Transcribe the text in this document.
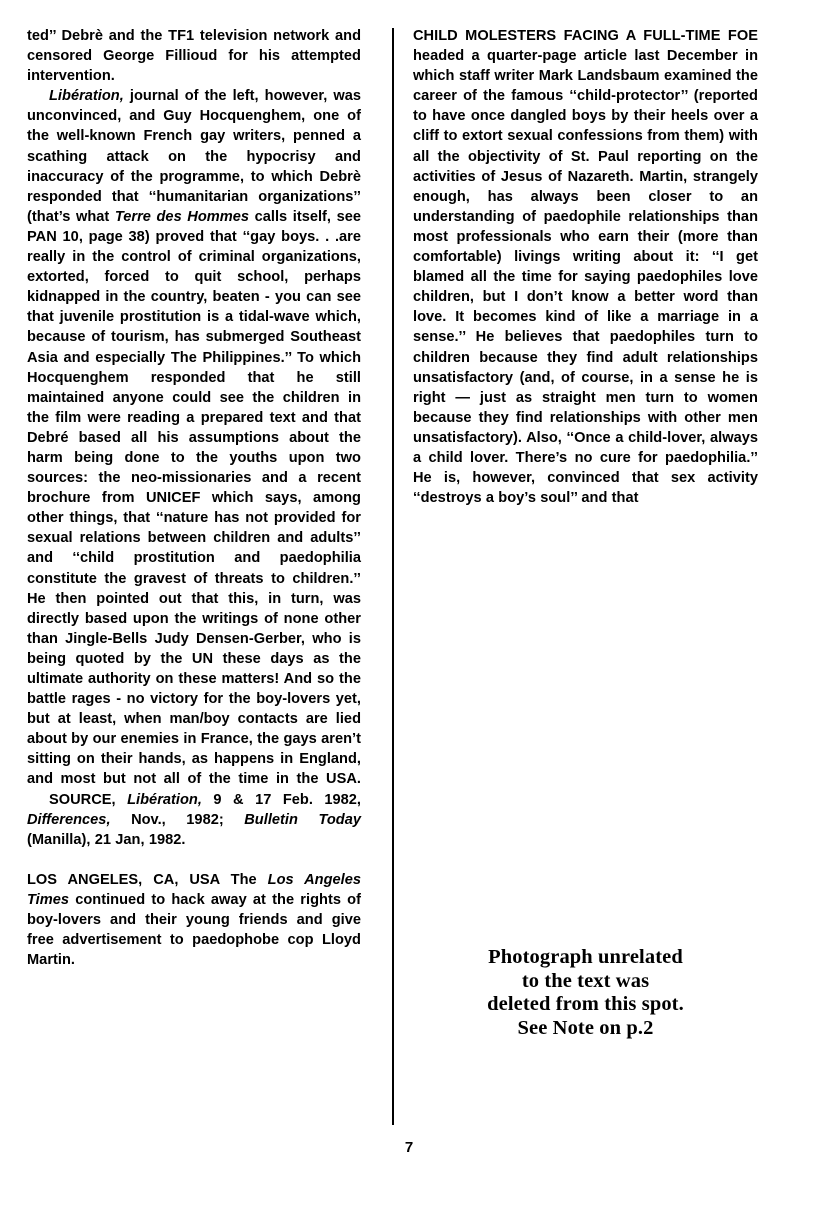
ted’’ Debrè and the TF1 television network and censored George Fillioud for his attempted intervention.

Libération, journal of the left, however, was unconvinced, and Guy Hocquenghem, one of the well-known French gay writers, penned a scathing attack on the hypocrisy and inaccuracy of the programme, to which Debrè responded that ‘‘humanitarian organizations’’ (that’s what Terre des Hommes calls itself, see PAN 10, page 38) proved that ‘‘gay boys. . .are really in the control of criminal organizations, extorted, forced to quit school, perhaps kidnapped in the country, beaten - you can see that juvenile prostitution is a tidal-wave which, because of tourism, has submerged Southeast Asia and especially The Philippines.’’ To which Hocquenghem responded that he still maintained anyone could see the children in the film were reading a prepared text and that Debré based all his assumptions about the harm being done to the youths upon two sources: the neo-missionaries and a recent brochure from UNICEF which says, among other things, that ‘‘nature has not provided for sexual relations between children and adults’’ and ‘‘child prostitution and paedophilia constitute the gravest of threats to children.’’ He then pointed out that this, in turn, was directly based upon the writings of none other than Jingle-Bells Judy Densen-Gerber, who is being quoted by the UN these days as the ultimate authority on these matters! And so the battle rages - no victory for the boy-lovers yet, but at least, when man/boy contacts are lied about by our enemies in France, the gays aren’t sitting on their hands, as happens in England, and most but not all of the time in the USA.

SOURCE, Libération, 9 & 17 Feb. 1982, Differences, Nov., 1982; Bulletin Today (Manilla), 21 Jan, 1982.

LOS ANGELES, CA, USA The Los Angeles Times continued to hack away at the rights of boy-lovers and their young friends and give free advertisement to paedophobe cop Lloyd Martin.

CHILD MOLESTERS FACING A FULL-TIME FOE headed a quarter-page article last December in which staff writer Mark Landsbaum examined the career of the famous ‘‘child-protector’’ (reported to have once dangled boys by their heels over a cliff to extort sexual confessions from them) with all the objectivity of St. Paul reporting on the activities of Jesus of Nazareth. Martin, strangely enough, has always been closer to an understanding of paedophile relationships than most professionals who earn their (more than comfortable) livings writing about it: ‘‘I get blamed all the time for saying paedophiles love children, but I don’t know a better word than love. It becomes kind of like a marriage in a sense.’’ He believes that paedophiles turn to children because they find adult relationships unsatisfactory (and, of course, in a sense he is right — just as straight men turn to women because they find relationships with other men unsatisfactory). Also, ‘‘Once a child-lover, always a child lover. There’s no cure for paedophilia.’’ He is, however, convinced that sex activity ‘‘destroys a boy’s soul’’ and that

Photograph unrelated
to the text was
deleted from this spot.
See Note on p.2
7
